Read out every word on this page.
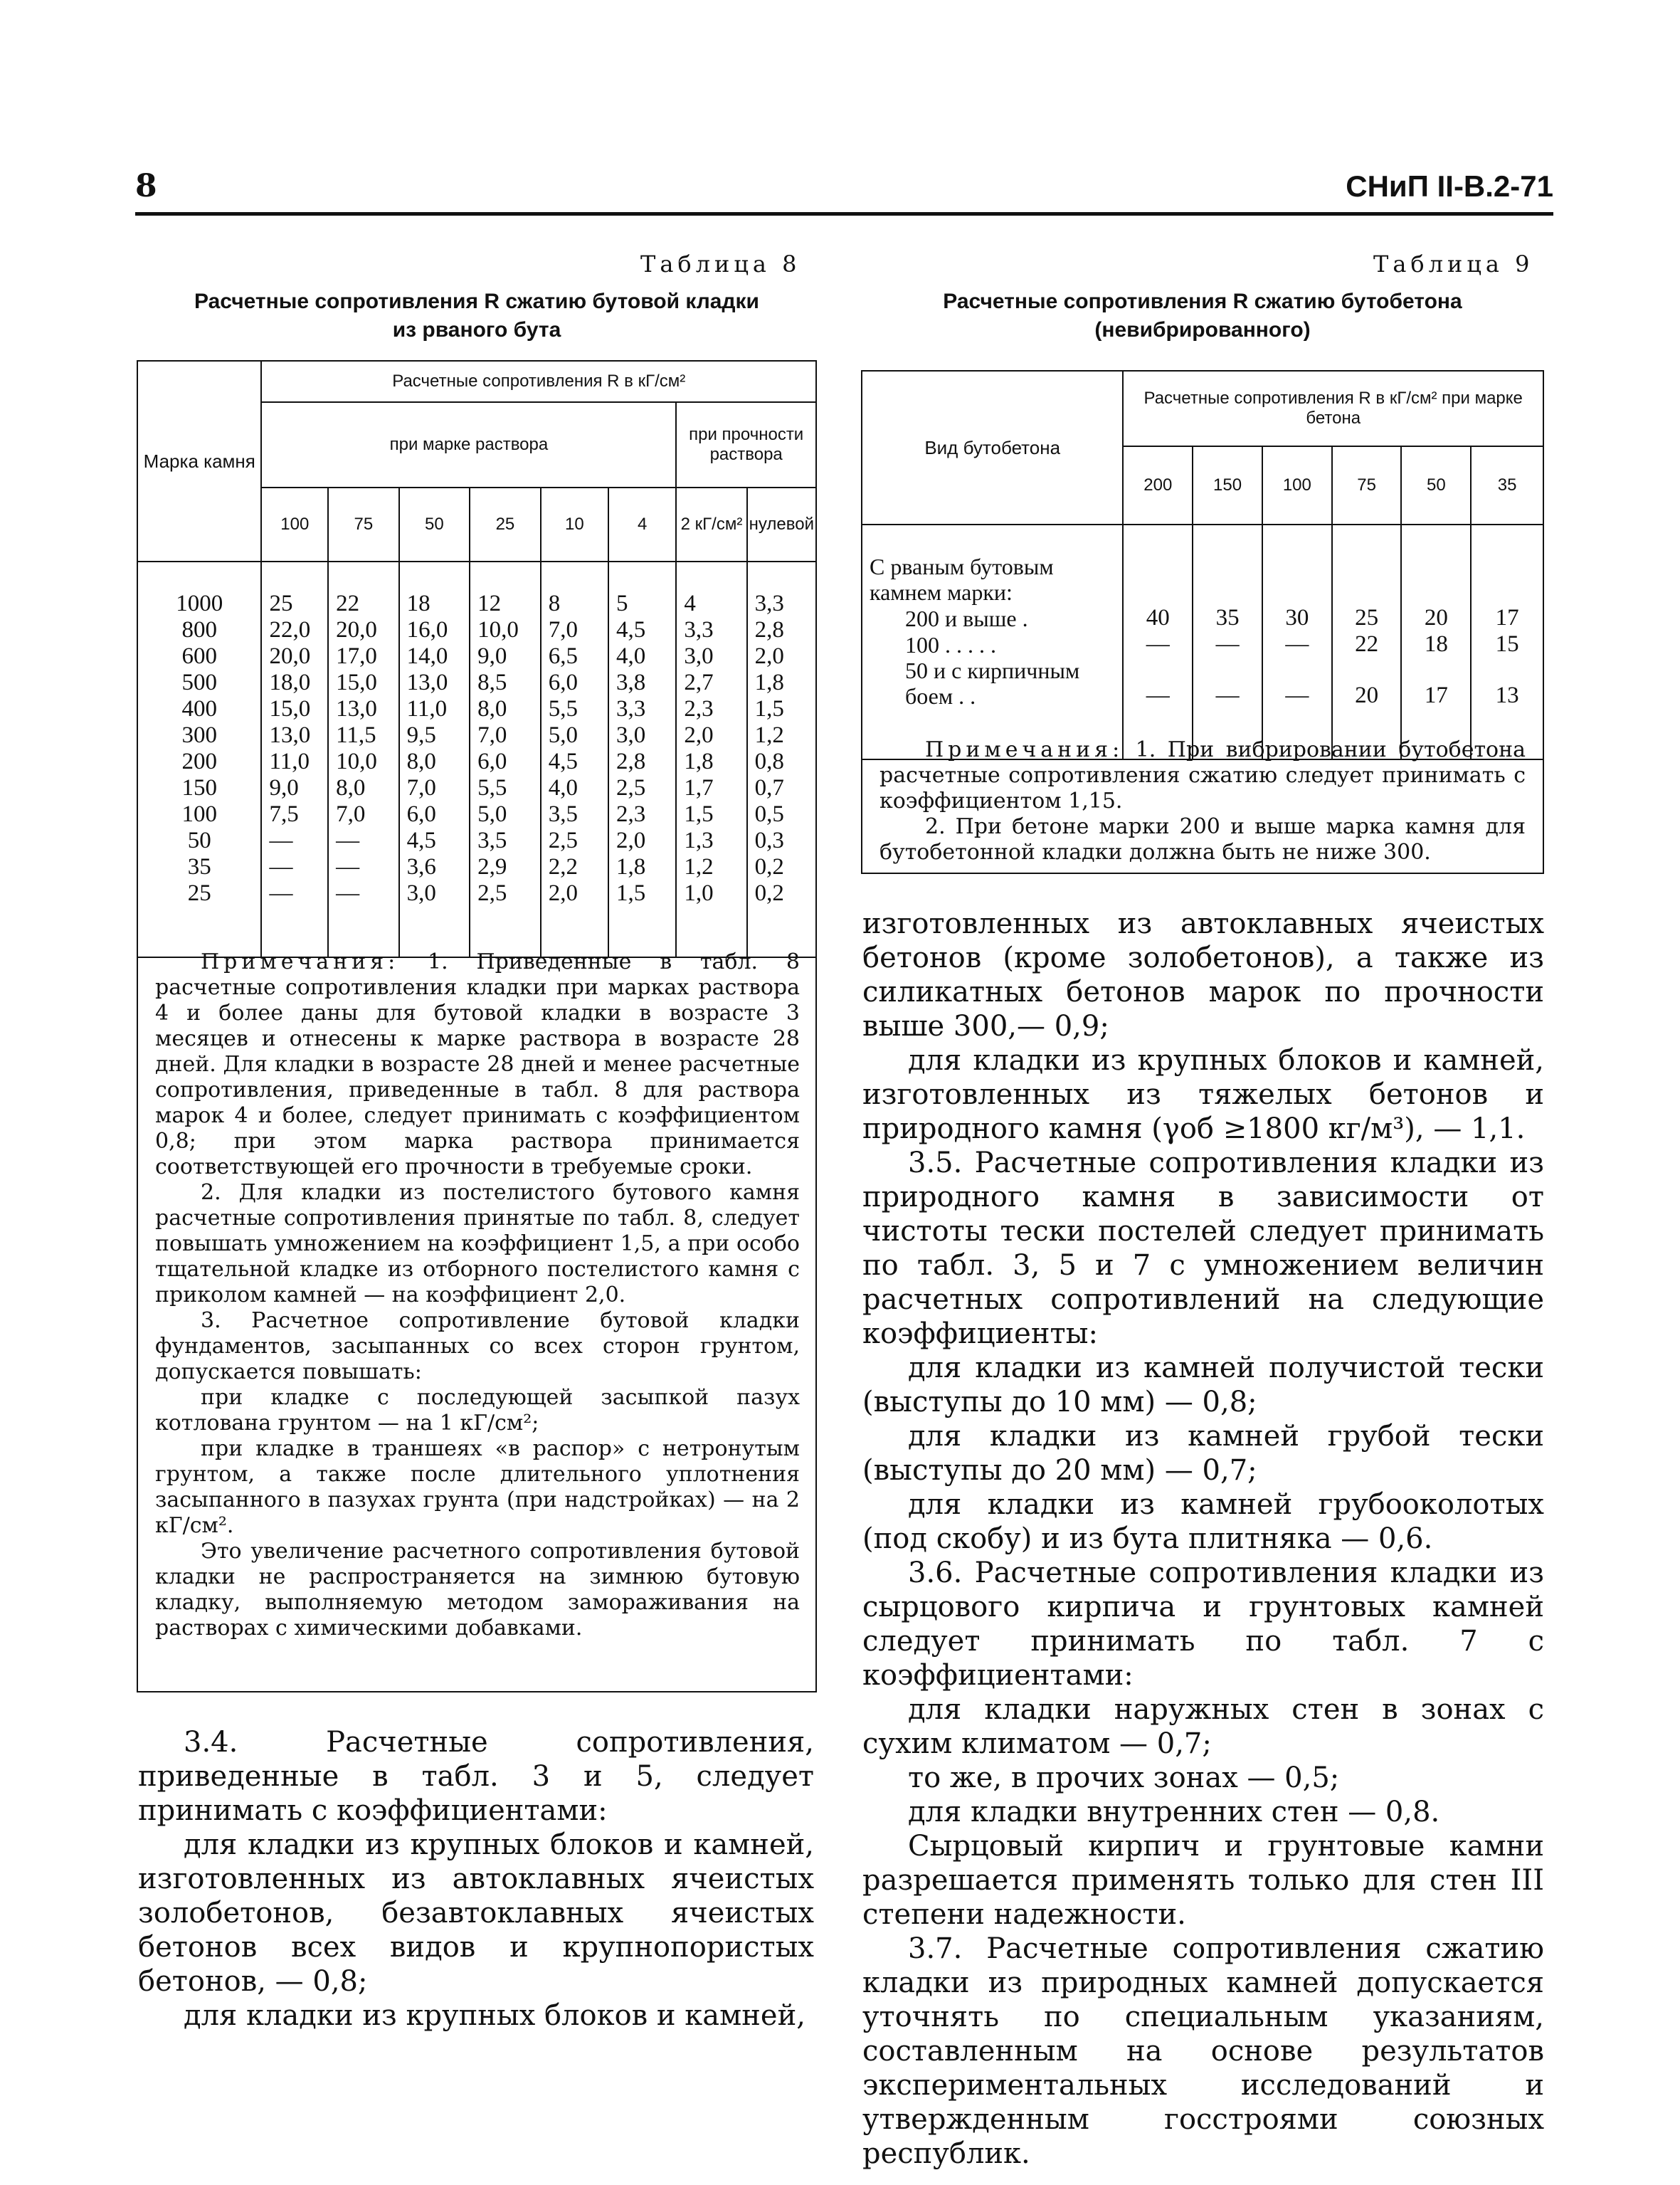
8	СНиП II-В.2-71
Таблица 8
Расчетные сопротивления R сжатию бутовой кладки
из рваного бута
Марка камня	Расчетные сопротивления R в кГ/см²							
	при марке раствора						при прочности раствора	
	100	75	50	25	10	4	2 кГ/см²	нулевой
1000	25	22	18	12	8	5	4	3,3
800	22,0	20,0	16,0	10,0	7,0	4,5	3,3	2,8
600	20,0	17,0	14,0	9,0	6,5	4,0	3,0	2,0
500	18,0	15,0	13,0	8,5	6,0	3,8	2,7	1,8
400	15,0	13,0	11,0	8,0	5,5	3,3	2,3	1,5
300	13,0	11,5	9,5	7,0	5,0	3,0	2,0	1,2
200	11,0	10,0	8,0	6,0	4,5	2,8	1,8	0,8
150	9,0	8,0	7,0	5,5	4,0	2,5	1,7	0,7
100	7,5	7,0	6,0	5,0	3,5	2,3	1,5	0,5
50	—	—	4,5	3,5	2,5	2,0	1,3	0,3
35	—	—	3,6	2,9	2,2	1,8	1,2	0,2
25	—	—	3,0	2,5	2,0	1,5	1,0	0,2

Примечания: 1. Приведенные в табл. 8 расчетные сопротивления кладки при марках раствора 4 и более даны для бутовой кладки в возрасте 3 месяцев и отнесены к марке раствора в возрасте 28 дней. Для кладки в возрасте 28 дней и менее расчетные сопротивления, приведенные в табл. 8 для раствора марок 4 и более, следует принимать с коэффициентом 0,8; при этом марка раствора принимается соответствующей его прочности в требуемые сроки.

2. Для кладки из постелистого бутового камня расчетные сопротивления принятые по табл. 8, следует повышать умножением на коэффициент 1,5, а при особо тщательной кладке из отборного постелистого камня с приколом камней — на коэффициент 2,0.

3. Расчетное сопротивление бутовой кладки фундаментов, засыпанных со всех сторон грунтом, допускается повышать:

при кладке с последующей засыпкой пазух котлована грунтом — на 1 кГ/см²;

при кладке в траншеях «в распор» с нетронутым грунтом, а также после длительного уплотнения засыпанного в пазухах грунта (при надстройках) — на 2 кГ/см².

Это увеличение расчетного сопротивления бутовой кладки не распространяется на зимнюю бутовую кладку, выполняемую методом замораживания на растворах с химическими добавками.

3.4. Расчетные сопротивления, приведенные в табл. 3 и 5, следует принимать с коэффициентами:

для кладки из крупных блоков и камней, изготовленных из автоклавных ячеистых золобетонов, безавтоклавных ячеистых бетонов всех видов и крупнопористых бетонов, — 0,8;

для кладки из крупных блоков и камней,

Таблица 9
Расчетные сопротивления R сжатию бутобетона
(невибрированного)
Вид бутобетона	Расчетные сопротивления R в кГ/см² при марке бетона					
	200	150	100	75	50	35
С рваным бутовым камнем марки:						
200 и выше .	40	35	30	25	20	17
100 . . . . .	—	—	—	22	18	15
50 и с кирпичным боем . .	—	—	—	20	17	13

Примечания: 1. При вибрировании бутобетона расчетные сопротивления сжатию следует принимать с коэффициентом 1,15.

2. При бетоне марки 200 и выше марка камня для бутобетонной кладки должна быть не ниже 300.

изготовленных из автоклавных ячеистых бетонов (кроме золобетонов), а также из силикатных бетонов марок по прочности выше 300,— 0,9;

для кладки из крупных блоков и камней, изготовленных из тяжелых бетонов и природного камня (γоб ≥1800 кг/м³), — 1,1.

3.5. Расчетные сопротивления кладки из природного камня в зависимости от чистоты тески постелей следует принимать по табл. 3, 5 и 7 с умножением величин расчетных сопротивлений на следующие коэффициенты:

для кладки из камней получистой тески (выступы до 10 мм) — 0,8;

для кладки из камней грубой тески (выступы до 20 мм) — 0,7;

для кладки из камней грубооколотых (под скобу) и из бута плитняка — 0,6.

3.6. Расчетные сопротивления кладки из сырцового кирпича и грунтовых камней следует принимать по табл. 7 с коэффициентами:

для кладки наружных стен в зонах с сухим климатом — 0,7;

то же, в прочих зонах — 0,5;

для кладки внутренних стен — 0,8.

Сырцовый кирпич и грунтовые камни разрешается применять только для стен III степени надежности.

3.7. Расчетные сопротивления сжатию кладки из природных камней допускается уточнять по специальным указаниям, составленным на основе результатов экспериментальных исследований и утвержденным госстроями союзных республик.
